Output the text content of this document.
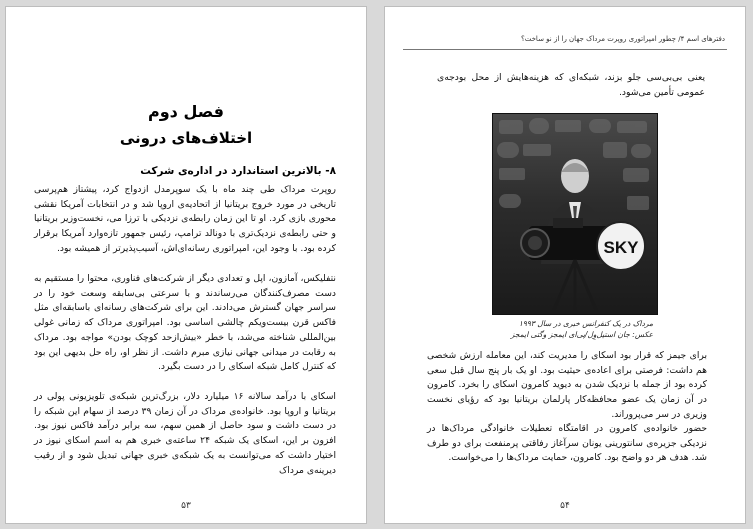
فصل دوم
اختلاف‌های درونی
۸- بالاترین استاندارد در اداره‌ی شرکت

روپرت مرداک طی چند ماه با یک سوپرمدل ازدواج کرد، پیشتاز هم‌پرسی تاریخی در مورد خروج بریتانیا از اتحادیه‌ی اروپا شد و در انتخابات آمریکا نقشی محوری بازی کرد. او تا این زمان رابطه‌ی نزدیکی با ترزا می، نخست‌وزیر بریتانیا و حتی رابطه‌ی نزدیک‌تری با دونالد ترامپ، رئیس جمهور تازه‌وارد آمریکا برقرار کرده بود. با وجود این، امپراتوری رسانه‌ای‌اش، آسیب‌پذیرتر از همیشه بود.

نتفلیکس، آمازون، اپل و تعدادی دیگر از شرکت‌های فناوری، محتوا را مستقیم به دست مصرف‌کنندگان می‌رساندند و با سرعتی بی‌سابقه وسعت خود را در سراسر جهان گسترش می‌دادند. این برای شرکت‌های رسانه‌ای باسابقه‌ای مثل فاکس قرن بیست‌ویکم چالشی اساسی بود. امپراتوری مرداک که زمانی غولی بین‌المللی شناخته می‌شد، با خطر «بیش‌ازحد کوچک بودن» مواجه بود. مرداک به رقابت در میدانی جهانی نیازی مبرم داشت. از نظر او، راه حل بدیهی این بود که کنترل کامل شبکه اسکای را در دست بگیرد.

اسکای با درآمد سالانه ۱۶ میلیارد دلار، بزرگ‌ترین شبکه‌ی تلویزیونی پولی در بریتانیا و اروپا بود. خانواده‌ی مرداک در آن زمان ۳۹ درصد از سهام این شبکه را در دست داشت و سود حاصل از همین سهم، سه برابر درآمد فاکس نیوز بود. افزون بر این، اسکای یک شبکه ۲۴ ساعته‌ی خبری هم به اسم اسکای نیوز در اختیار داشت که می‌توانست به یک شبکه‌ی خبری جهانی تبدیل شود و از رقیب دیرینه‌ی مرداک

۵۳
دفترهای اسم ۴/ چطور امپراتوری روپرت مرداک جهان را از نو ساخت؟

یعنی بی‌بی‌سی جلو بزند، شبکه‌ای که هزینه‌هایش از محل بودجه‌ی عمومی تأمین می‌شود.

SKY
مرداک در یک کنفرانس خبری در سال ۱۹۹۳
عکس: جان استیل‌وِل/پی‌ای ایمجز وگتی ایمجز

برای جیمز که قرار بود اسکای را مدیریت کند، این معامله ارزش شخصی هم داشت: فرصتی برای اعاده‌ی حیثیت بود. او یک بار پنج سال قبل سعی کرده بود از جمله با نزدیک شدن به دیوید کامرون اسکای را بخرد. کامرون در آن زمان یک عضو محافظه‌کار پارلمان بریتانیا بود که رؤیای نخست وزیری در سر می‌پروراند.

حضور خانواده‌ی کامرون در اقامتگاه تعطیلات خانوادگی مرداک‌ها در نزدیکی جزیره‌ی سانتورینی یونان سرآغاز رفاقتی پرمنفعت برای دو طرف شد. هدف هر دو واضح بود. کامرون، حمایت مرداک‌ها را می‌خواست.

۵۴
